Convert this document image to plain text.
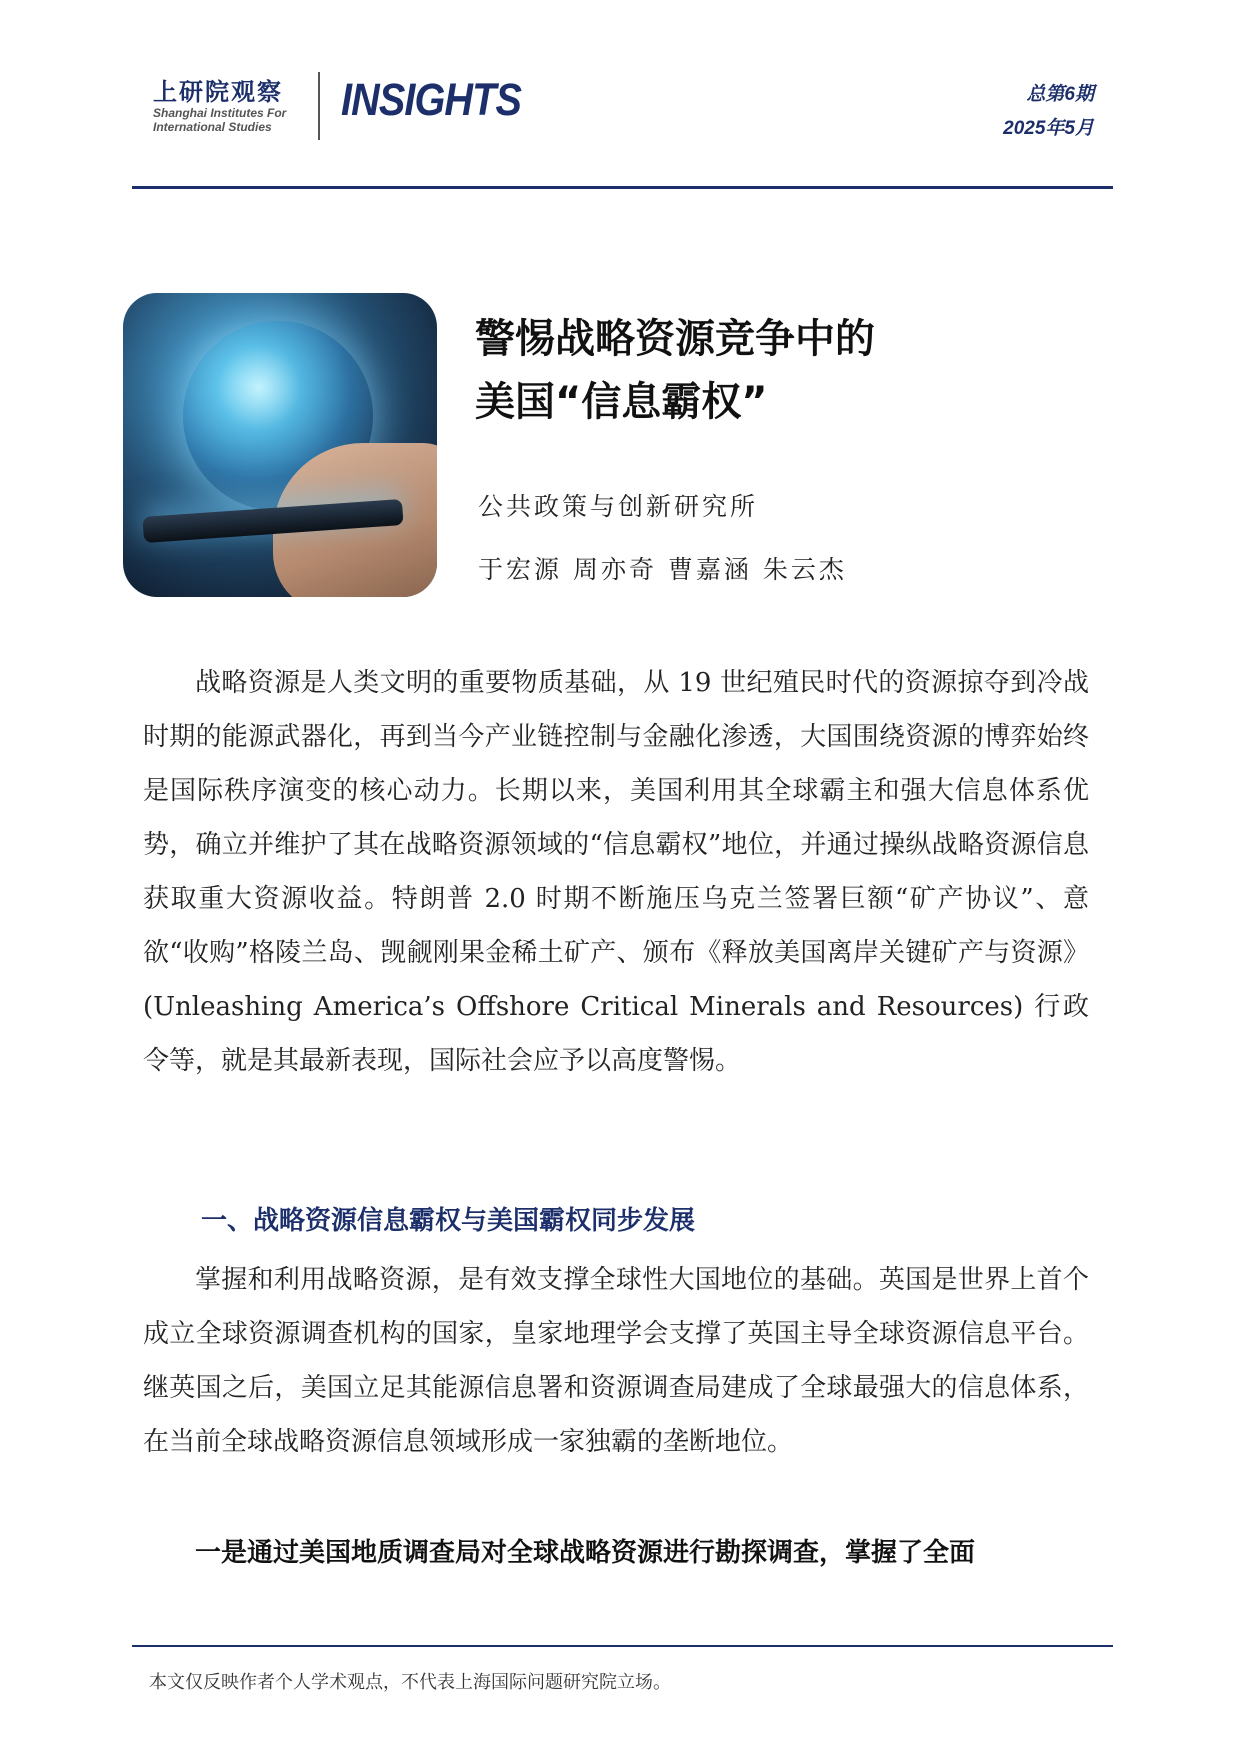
上研院观察
Shanghai Institutes For
International Studies
INSIGHTS	总第6期
2025年5月
警惕战略资源竞争中的
美国“信息霸权”
公共政策与创新研究所
于宏源 周亦奇 曹嘉涵 朱云杰
战略资源是人类文明的重要物质基础，从 19 世纪殖民时代的资源掠夺到冷战时期的能源武器化，再到当今产业链控制与金融化渗透，大国围绕资源的博弈始终是国际秩序演变的核心动力。长期以来，美国利用其全球霸主和强大信息体系优势，确立并维护了其在战略资源领域的“信息霸权”地位，并通过操纵战略资源信息获取重大资源收益。特朗普 2.0 时期不断施压乌克兰签署巨额“矿产协议”、意欲“收购”格陵兰岛、觊觎刚果金稀土矿产、颁布《释放美国离岸关键矿产与资源》(Unleashing America’s Offshore Critical Minerals and Resources) 行政令等，就是其最新表现，国际社会应予以高度警惕。
一、战略资源信息霸权与美国霸权同步发展
掌握和利用战略资源，是有效支撑全球性大国地位的基础。英国是世界上首个成立全球资源调查机构的国家，皇家地理学会支撑了英国主导全球资源信息平台。继英国之后，美国立足其能源信息署和资源调查局建成了全球最强大的信息体系，在当前全球战略资源信息领域形成一家独霸的垄断地位。
一是通过美国地质调查局对全球战略资源进行勘探调查，掌握了全面
本文仅反映作者个人学术观点，不代表上海国际问题研究院立场。
